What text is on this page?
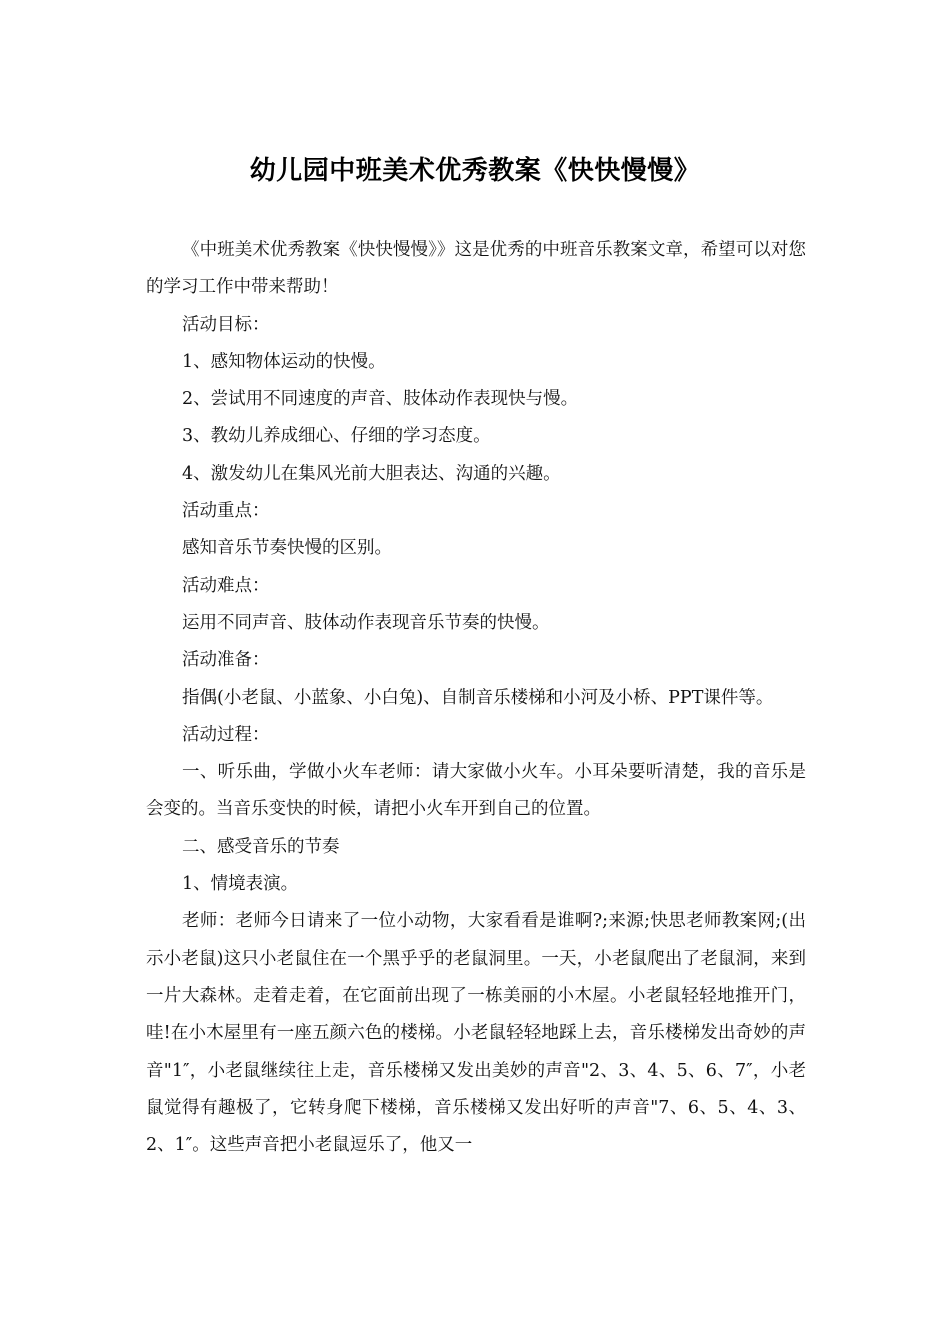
幼儿园中班美术优秀教案《快快慢慢》

《中班美术优秀教案《快快慢慢》》这是优秀的中班音乐教案文章，希望可以对您的学习工作中带来帮助！

活动目标：

1、感知物体运动的快慢。

2、尝试用不同速度的声音、肢体动作表现快与慢。

3、教幼儿养成细心、仔细的学习态度。

4、激发幼儿在集风光前大胆表达、沟通的兴趣。

活动重点：

感知音乐节奏快慢的区别。

活动难点：

运用不同声音、肢体动作表现音乐节奏的快慢。

活动准备：

指偶(小老鼠、小蓝象、小白兔)、自制音乐楼梯和小河及小桥、PPT课件等。

活动过程：

一、听乐曲，学做小火车老师：请大家做小火车。小耳朵要听清楚，我的音乐是会变的。当音乐变快的时候，请把小火车开到自己的位置。

二、感受音乐的节奏

1、情境表演。

老师：老师今日请来了一位小动物，大家看看是谁啊?;来源;快思老师教案网;(出示小老鼠)这只小老鼠住在一个黑乎乎的老鼠洞里。一天，小老鼠爬出了老鼠洞，来到一片大森林。走着走着，在它面前出现了一栋美丽的小木屋。小老鼠轻轻地推开门，哇!在小木屋里有一座五颜六色的楼梯。小老鼠轻轻地踩上去，音乐楼梯发出奇妙的声音"1″，小老鼠继续往上走，音乐楼梯又发出美妙的声音"2、3、4、5、6、7″，小老鼠觉得有趣极了，它转身爬下楼梯，音乐楼梯又发出好听的声音"7、6、5、4、3、2、1″。这些声音把小老鼠逗乐了，他又一
